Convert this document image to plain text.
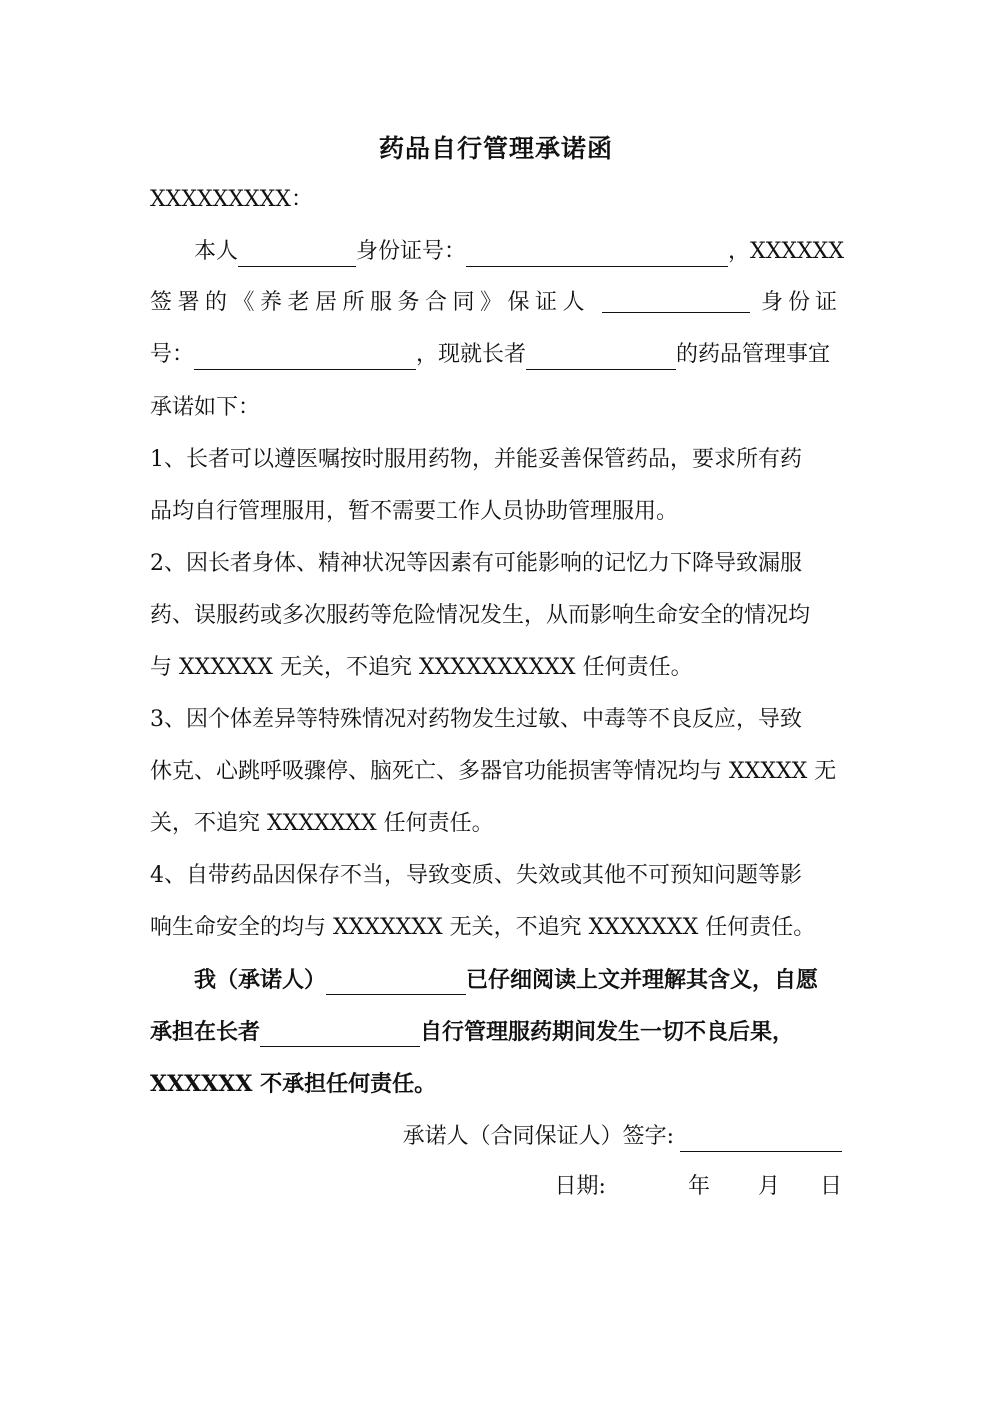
药品自行管理承诺函
XXXXXXXXX：
本人	身份证号：	，XXXXXX
签署的《养老居所服务合同》保证人	身份证
号：	，现就长者	的药品管理事宜
承诺如下：
1、长者可以遵医嘱按时服用药物，并能妥善保管药品，要求所有药
品均自行管理服用，暂不需要工作人员协助管理服用。
2、因长者身体、精神状况等因素有可能影响的记忆力下降导致漏服
药、误服药或多次服药等危险情况发生，从而影响生命安全的情况均
与 XXXXXX 无关，不追究 XXXXXXXXXX 任何责任。
3、因个体差异等特殊情况对药物发生过敏、中毒等不良反应，导致
休克、心跳呼吸骤停、脑死亡、多器官功能损害等情况均与 XXXXX 无
关，不追究 XXXXXXX 任何责任。
4、自带药品因保存不当，导致变质、失效或其他不可预知问题等影
响生命安全的均与 XXXXXXX 无关，不追究 XXXXXXX 任何责任。
我（承诺人）	已仔细阅读上文并理解其含义，自愿
承担在长者	自行管理服药期间发生一切不良后果，
XXXXXX 不承担任何责任。
承诺人（合同保证人）签字:
日期:	年 月 日
